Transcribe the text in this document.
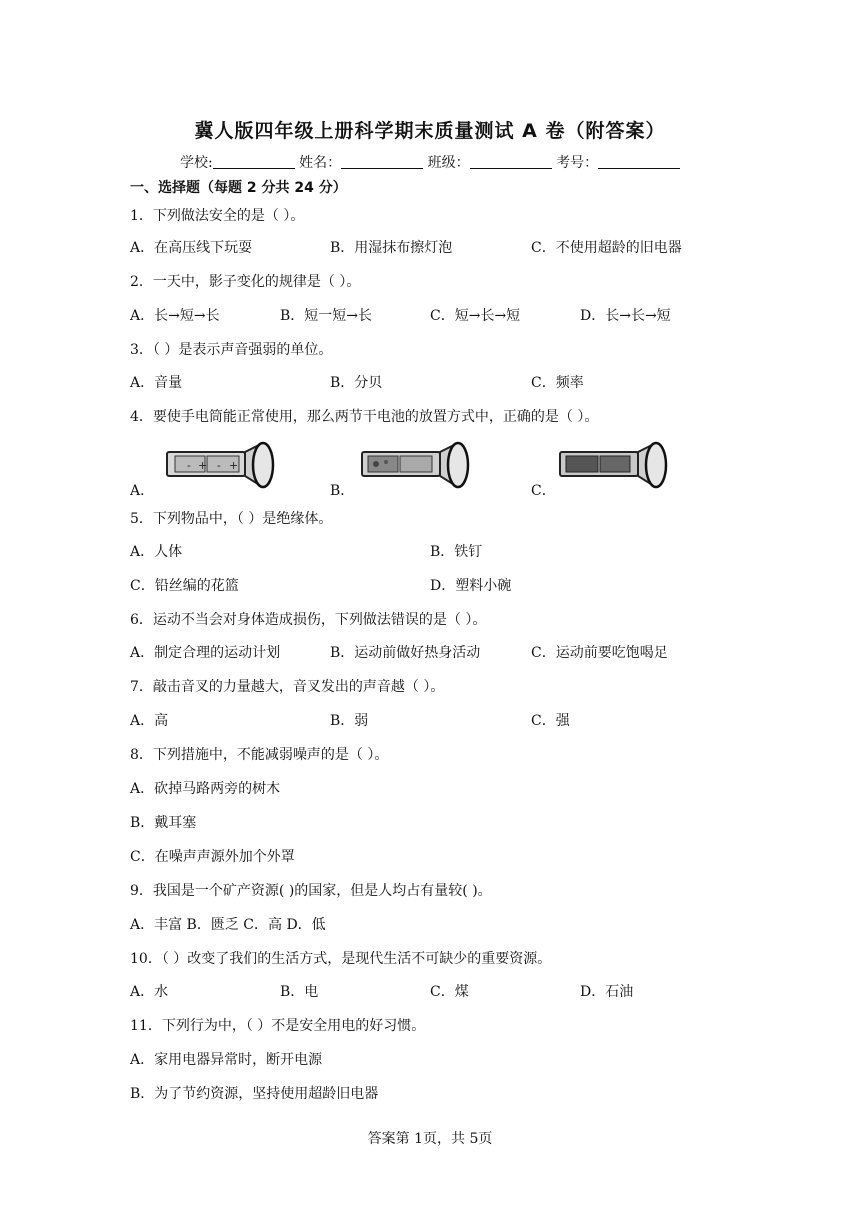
冀人版四年级上册科学期末质量测试 A 卷（附答案）
学校:	姓名：	班级：	考号：
一、选择题（每题 2 分共 24 分）
1．下列做法安全的是（ ）。
A．在高压线下玩耍	B．用湿抹布擦灯泡	C．不使用超龄的旧电器
2．一天中，影子变化的规律是（ ）。
A．长→短→长	B．短一短→长	C．短→长→短	D．长→长→短
3．（ ）是表示声音强弱的单位。
A．音量	B．分贝	C．频率
4．要使手电筒能正常使用，那么两节干电池的放置方式中，正确的是（ ）。
A．	B．	C．
- + - +
5．下列物品中，（ ）是绝缘体。
A．人体	B．铁钉
C．铅丝编的花篮	D．塑料小碗
6．运动不当会对身体造成损伤，下列做法错误的是（ ）。
A．制定合理的运动计划	B．运动前做好热身活动	C．运动前要吃饱喝足
7．敲击音叉的力量越大，音叉发出的声音越（ ）。
A．高	B．弱	C．强
8．下列措施中，不能减弱噪声的是（ ）。
A．砍掉马路两旁的树木
B．戴耳塞
C．在噪声声源外加个外罩
9．我国是一个矿产资源( )的国家，但是人均占有量较( )。
A．丰富 B．匮乏 C．高 D．低
10．（ ）改变了我们的生活方式，是现代生活不可缺少的重要资源。
A．水	B．电	C．煤	D．石油
11．下列行为中，（ ）不是安全用电的好习惯。
A．家用电器异常时，断开电源
B．为了节约资源，坚持使用超龄旧电器
答案第 1页，共 5页
